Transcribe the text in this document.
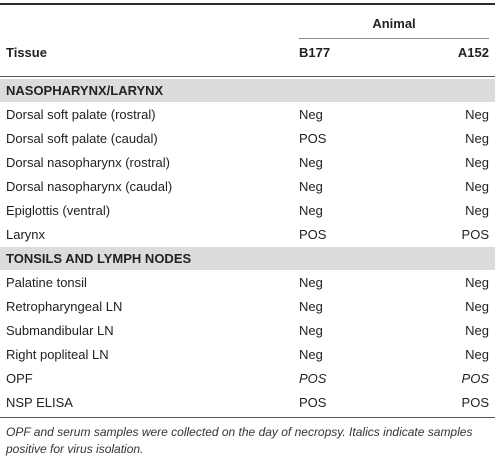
Animal
Tissue	B177	A152
NASOPHARYNX/LARYNX
Dorsal soft palate (rostral)	Neg	Neg
Dorsal soft palate (caudal)	POS	Neg
Dorsal nasopharynx (rostral)	Neg	Neg
Dorsal nasopharynx (caudal)	Neg	Neg
Epiglottis (ventral)	Neg	Neg
Larynx	POS	POS
TONSILS AND LYMPH NODES
Palatine tonsil	Neg	Neg
Retropharyngeal LN	Neg	Neg
Submandibular LN	Neg	Neg
Right popliteal LN	Neg	Neg
OPF	POS	POS
NSP ELISA	POS	POS
OPF and serum samples were collected on the day of necropsy. Italics indicate samples positive for virus isolation.
